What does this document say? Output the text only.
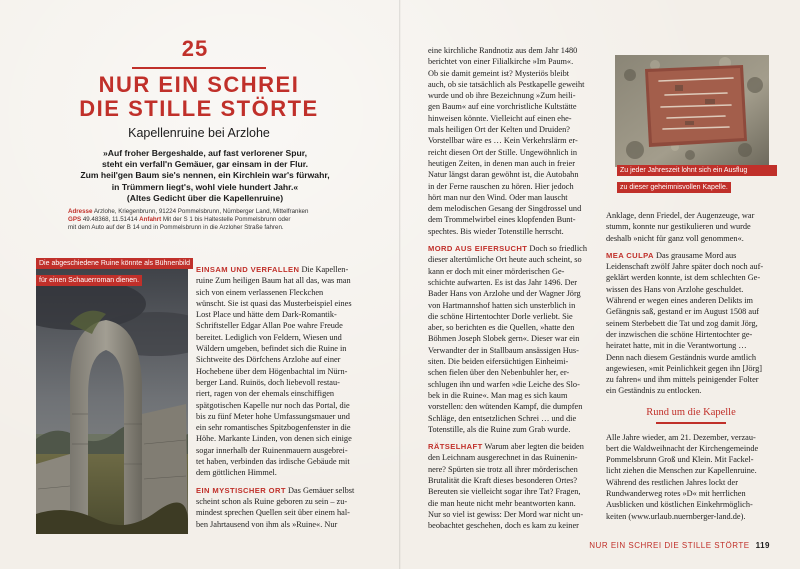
25
NUR EIN SCHREI
DIE STILLE STÖRTE
Kapellenruine bei Arzlohe
»Auf froher Bergeshalde, auf fast verlorener Spur,
steht ein verfall'n Gemäuer, gar einsam in der Flur.
Zum heil'gen Baum sie's nennen, ein Kirchlein war's fürwahr,
in Trümmern liegt's, wohl viele hundert Jahr.«
(Altes Gedicht über die Kapellenruine)
Adresse Arzlohe, Kriegenbrunn, 91224 Pommelsbrunn, Nürnberger Land, Mittelfranken
GPS 49.48368, 11.51414 Anfahrt Mit der S 1 bis Haltestelle Pommelsbrunn oder
mit dem Auto auf der B 14 und in Pommelsbrunn in die Arzloher Straße fahren.
Die abgeschiedene Ruine könnte als Bühnenbild
für einen Schauerroman dienen.
EINSAM UND VERFALLEN Die Kapellen-
ruine Zum heiligen Baum hat all das, was man
sich von einem verlassenen Fleckchen
wünscht. Sie ist quasi das Musterbeispiel eines
Lost Place und hätte dem Dark-Romantik-
Schriftsteller Edgar Allan Poe wahre Freude
bereitet. Lediglich von Feldern, Wiesen und
Wäldern umgeben, befindet sich die Ruine in
Sichtweite des Dörfchens Arzlohe auf einer
Hochebene über dem Högenbachtal im Nürn-
berger Land. Ruinös, doch liebevoll restau-
riert, ragen von der ehemals einschiffigen
spätgotischen Kapelle nur noch das Portal, die
bis zu fünf Meter hohe Umfassungsmauer und
ein sehr romantisches Spitzbogenfenster in die
Höhe. Markante Linden, von denen sich einige
sogar innerhalb der Ruinenmauern ausgebrei-
tet haben, verbinden das irdische Gebäude mit
dem göttlichen Himmel.
EIN MYSTISCHER ORT Das Gemäuer selbst
scheint schon als Ruine geboren zu sein – zu-
mindest sprechen Quellen seit über einem hal-
ben Jahrtausend von ihm als »Ruine«. Nur
eine kirchliche Randnotiz aus dem Jahr 1480
berichtet von einer Filialkirche »Im Paum«.
Ob sie damit gemeint ist? Mysteriös bleibt
auch, ob sie tatsächlich als Pestkapelle geweiht
wurde und ob ihre Bezeichnung »Zum heili-
gen Baum« auf eine vorchristliche Kultstätte
hinweisen könnte. Vielleicht auf einen ehe-
mals heiligen Ort der Kelten und Druiden?
Vorstellbar wäre es … Kein Verkehrslärm er-
reicht diesen Ort der Stille. Ungewöhnlich in
heutigen Zeiten, in denen man auch in freier
Natur längst daran gewöhnt ist, die Autobahn
in der Ferne rauschen zu hören. Hier jedoch
hört man nur den Wind. Oder man lauscht
dem melodischen Gesang der Singdrossel und
dem Trommelwirbel eines klopfenden Bunt-
spechtes. Bis wieder Totenstille herrscht.
MORD AUS EIFERSUCHT Doch so friedlich
dieser altertümliche Ort heute auch scheint, so
kann er doch mit einer mörderischen Ge-
schichte aufwarten. Es ist das Jahr 1496. Der
Bader Hans von Arzlohe und der Wagner Jörg
von Hartmannshof hatten sich unsterblich in
die schöne Hirtentochter Dorle verliebt. Sie
aber, so berichten es die Quellen, »hatte den
Böhmen Joseph Slobek gern«. Dieser war ein
Verwandter der in Stallbaum ansässigen Hus-
siten. Die beiden eifersüchtigen Einheimi-
schen fielen über den Nebenbuhler her, er-
schlugen ihn und warfen »die Leiche des Slo-
bek in die Ruine«. Man mag es sich kaum
vorstellen: den wütenden Kampf, die dumpfen
Schläge, den entsetzlichen Schrei … und die
Totenstille, als die Ruine zum Grab wurde.
RÄTSELHAFT Warum aber legten die beiden
den Leichnam ausgerechnet in das Ruinenin-
nere? Spürten sie trotz all ihrer mörderischen
Brutalität die Kraft dieses besonderen Ortes?
Bereuten sie vielleicht sogar ihre Tat? Fragen,
die man heute nicht mehr beantworten kann.
Nur so viel ist gewiss: Der Mord war nicht un-
beobachtet geschehen, doch es kam zu keiner
Zu jeder Jahreszeit lohnt sich ein Ausflug
zu dieser geheimnisvollen Kapelle.
Anklage, denn Friedel, der Augenzeuge, war
stumm, konnte nur gestikulieren und wurde
deshalb »nicht für ganz voll genommen«.
MEA CULPA Das grausame Mord aus
Leidenschaft zwölf Jahre später doch noch auf-
geklärt werden konnte, ist dem schlechten Ge-
wissen des Hans von Arzlohe geschuldet.
Während er wegen eines anderen Delikts im
Gefängnis saß, gestand er im August 1508 auf
seinem Sterbebett die Tat und zog damit Jörg,
der inzwischen die schöne Hirtentochter ge-
heiratet hatte, mit in die Verantwortung …
Denn nach diesem Geständnis wurde amtlich
angewiesen, »mit Peinlichkeit gegen ihn [Jörg]
zu fahren« und ihm mittels peinigender Folter
ein Geständnis zu entlocken.
Rund um die Kapelle
Alle Jahre wieder, am 21. Dezember, verzau-
bert die Waldweihnacht der Kirchengemeinde
Pommelsbrunn Groß und Klein. Mit Fackel-
licht ziehen die Menschen zur Kapellenruine.
Während des restlichen Jahres lockt der
Rundwanderweg rotes »D« mit herrlichen
Ausblicken und köstlichen Einkehrmöglich-
keiten (www.urlaub.nuernberger-land.de).
NUR EIN SCHREI DIE STILLE STÖRTE 119
